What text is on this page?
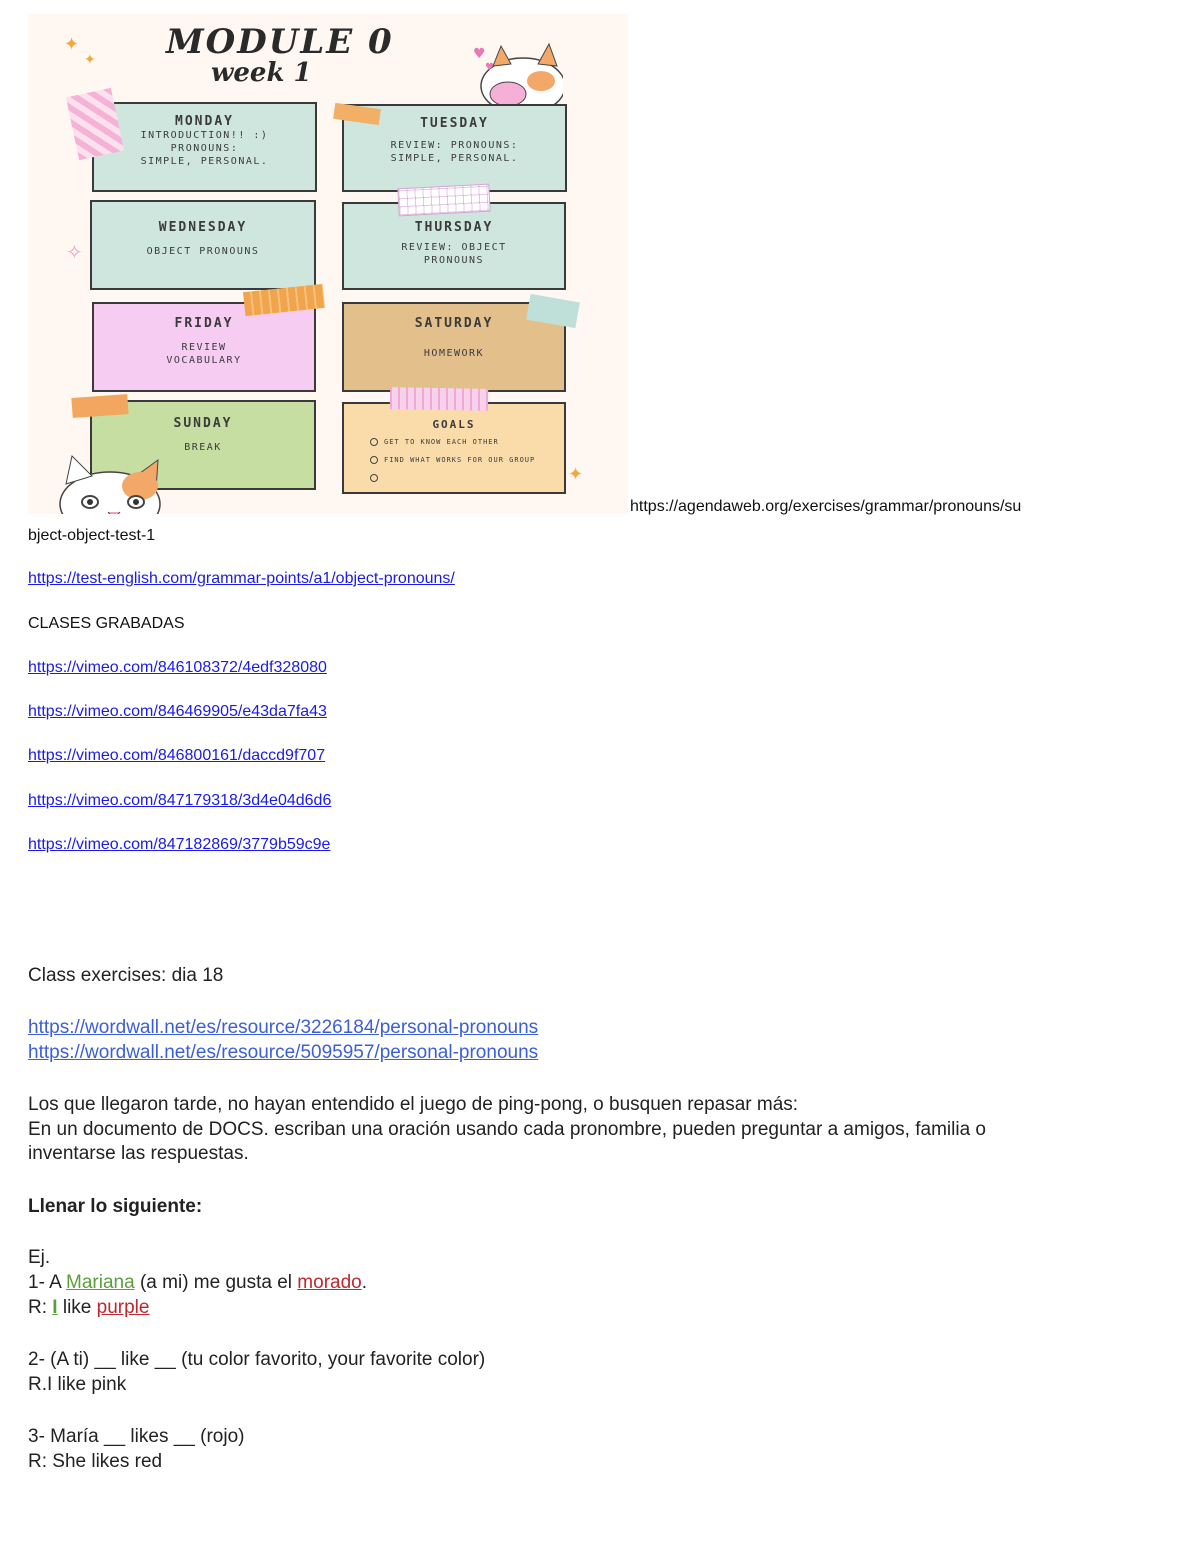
✦
✦
✧
✦
MODULE 0
week 1
♥
♥
MONDAY
INTRODUCTION!! :)
PRONOUNS:
SIMPLE, PERSONAL.
TUESDAY
REVIEW: PRONOUNS:
SIMPLE, PERSONAL.
WEDNESDAY
OBJECT PRONOUNS
THURSDAY
REVIEW: OBJECT
PRONOUNS
FRIDAY
REVIEW
VOCABULARY
SATURDAY
HOMEWORK
SUNDAY
BREAK
GOALS
GET TO KNOW EACH OTHER
FIND WHAT WORKS FOR OUR GROUP
https://agendaweb.org/exercises/grammar/pronouns/su
bject-object-test-1
https://test-english.com/grammar-points/a1/object-pronouns/
CLASES GRABADAS
https://vimeo.com/846108372/4edf328080
https://vimeo.com/846469905/e43da7fa43
https://vimeo.com/846800161/daccd9f707
https://vimeo.com/847179318/3d4e04d6d6
https://vimeo.com/847182869/3779b59c9e
Class exercises: dia 18
https://wordwall.net/es/resource/3226184/personal-pronouns
https://wordwall.net/es/resource/5095957/personal-pronouns
Los que llegaron tarde, no hayan entendido el juego de ping-pong, o busquen repasar más:
En un documento de DOCS. escriban una oración usando cada pronombre, pueden preguntar a amigos, familia o
inventarse las respuestas.
Llenar lo siguiente:
Ej.
1- A Mariana (a mi) me gusta el morado.
R: I like purple
2- (A ti) __ like __ (tu color favorito, your favorite color)
R.I like pink
3- María __ likes __ (rojo)
R: She likes red
